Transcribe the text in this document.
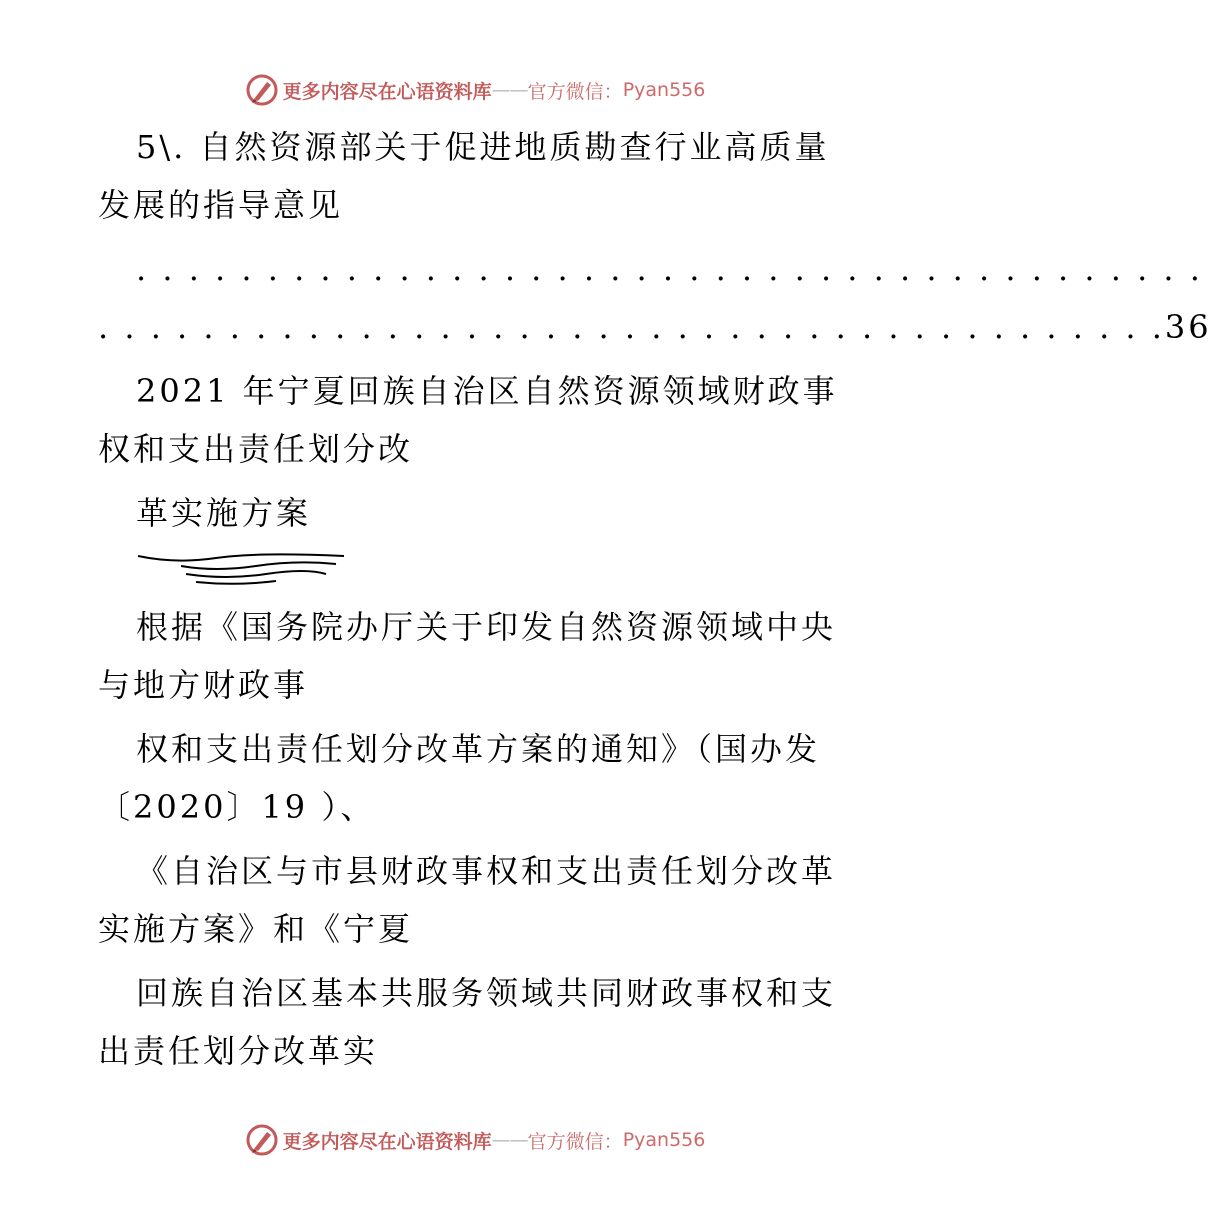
更多内容尽在心语资料库 —— 官方微信： Pyan556

5\. 自然资源部关于促进地质勘查行业高质量发展的指导意见

. . . . . . . . . . . . . . . . . . . . . . . . . . . . . . . . . . . . . . . . .

. . . . . . . . . . . . . . . . . . . . . . . . . . . . . . . . . . . . . . . . . 36

2021 年宁夏回族自治区自然资源领域财政事权和支出责任划分改

革实施方案

根据《国务院办厅关于印发自然资源领域中央与地方财政事

权和支出责任划分改革方案的通知》（国办发〔2020〕19 ）、

《自治区与市县财政事权和支出责任划分改革实施方案》和《宁夏

回族自治区基本共服务领域共同财政事权和支出责任划分改革实

更多内容尽在心语资料库 —— 官方微信： Pyan556
